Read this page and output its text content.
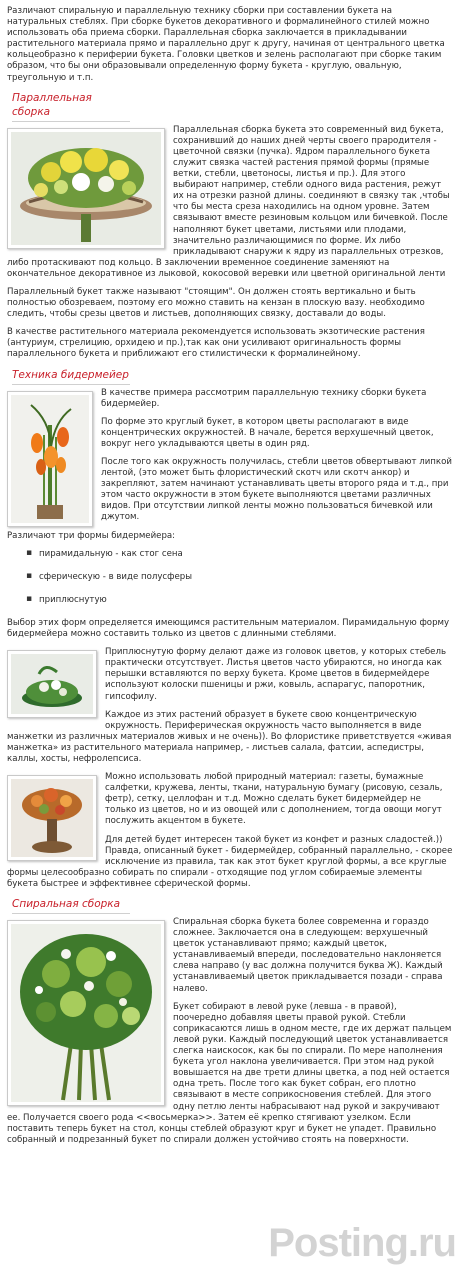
Различают спиральную и параллельную технику сборки при составлении букета на натуральных стеблях. При сборке букетов декоративного и формалинейного стилей можно использовать оба приема сборки. Параллельная сборка заключается в прикладывании растительного материала прямо и параллельно друг к другу, начиная от центрального цветка кольцеобразно к периферии букета. Головки цветков и зелень располагают при сборке таким образом, что бы они образовывали определенную форму букета - круглую, овальную, треугольную и т.п.

Параллельная сборка

Параллельная сборка букета это современный вид букета, сохранивший до наших дней черты своего прародителя - цветочной связки (пучка). Ядром параллельного букета служит связка частей растения прямой формы (прямые ветки, стебли, цветоносы, листья и пр.). Для этого выбирают например, стебли одного вида растения, режут их на отрезки разной длины. соединяют в связку так ,чтобы что бы места среза находились на одном уровне. Затем связывают вместе резиновым кольцом или бичевкой. После наполняют букет цветами, листьями или плодами, значительно различающимися по форме. Их либо прикладывают снаружи к ядру из параллельных отрезков, либо протаскивают под кольцо. В заключении временное соединение заменяют на окончательное декоративное из лыковой, кокосовой веревки или цветной оригинальной ленти

Параллельный букет также называют "стоящим". Он должен стоять вертикально и быть полностью обозреваем, поэтому его можно ставить на кензан в плоскую вазу. необходимо следить, чтобы срезы цветов и листьев, дополняющих связку, доставали до воды.

В качестве растительного материала рекомендуется использовать экзотические растения (антуриум, стрелицию, орхидею и пр.),так как они усиливают оригинальность формы параллельного букета и приближают его стилистически к формалинейному.

Техника бидермейер

В качестве примера рассмотрим параллельную технику сборки букета бидермейер.

По форме это круглый букет, в котором цветы располагают в виде концентрических окружностей. В начале, берется верхушечный цветок, вокруг него укладываются цветы в один ряд.

После того как окружность получилась, стебли цветов обвертывают липкой лентой, (это может быть флористический скотч или скотч анкор) и закрепляют, затем начинают устанавливать цветы второго ряда и т.д., при этом часто окружности в этом букете выполняются цветами различных видов. При отсутствии липкой ленты можно пользоваться бичевкой или джутом.

Различают три формы бидермейера:

▪ пирамидальную - как стог сена
▪ сферическую - в виде полусферы
▪ приплюснутую

Выбор этих форм определяется имеющимся растительным материалом. Пирамидальную форму бидермейера можно составить только из цветов с длинными стеблями.

Приплюснутую форму делают даже из головок цветов, у которых стебель практически отсутствует. Листья цветов часто убираются, но иногда как перышки вставляются по верху букета. Кроме цветов в бидермейдере используют колоски пшеницы и ржи, ковыль, аспарагус, папоротник, гипсофилу.

Каждое из этих растений образует в букете свою концентрическую окружность. Периферическая окружность часто выполняется в виде манжетки из различных материалов живых и не очень)). Во флористике приветствуется «живая манжетка» из растительного материала например, - листьев салала, фатсии, аспедистры, каллы, хосты, нефролепсиса.

Можно использовать любой природный материал: газеты, бумажные салфетки, кружева, ленты, ткани, натуральную бумагу (рисовую, сезаль, фетр), сетку, целлофан и т.д. Можно сделать букет бидермейдер не только из цветов, но и из овощей или с дополнением, тогда овощи могут послужить акцентом в букете.

Для детей будет интересен такой букет из конфет и разных сладостей.)) Правда, описанный букет - бидермейдер, собранный параллельно, - скорее исключение из правила, так как этот букет круглой формы, а все круглые формы целесообразно собирать по спирали - отходящие под углом собираемые элементы букета быстрее и эффективнее сферической формы.

Спиральная сборка

Спиральная сборка букета более современна и гораздо сложнее. Заключается она в следующем: верхушечный цветок устанавливают прямо; каждый цветок, устанавливаемый впереди, последовательно наклоняется слева направо (у вас должна получится буква Ж). Каждый устанавливаемый цветок прикладывается позади - справа налево.

Букет собирают в левой руке (левша - в правой), поочередно добавляя цветы правой рукой. Стебли соприкасаются лишь в одном месте, где их держат пальцем левой руки. Каждый последующий цветок устанавливается слегка наискосок, как бы по спирали. По мере наполнения букета угол наклона увеличивается. При этом над рукой вовышается на две трети длины цветка, а под ней остается одна треть. После того как букет собран, его плотно связывают в месте соприкосновения стеблей. Для этого одну петлю ленты набрасывают над рукой и закручивают ее. Получается своего рода <<восьмерка>>. Затем её крепко стягивают узелком. Если поставить теперь букет на стол, концы стеблей образуют круг и букет не упадет. Правильно собранный и подрезанный букет по спирали должен устойчиво стоять на поверхности.

Posting.ru
